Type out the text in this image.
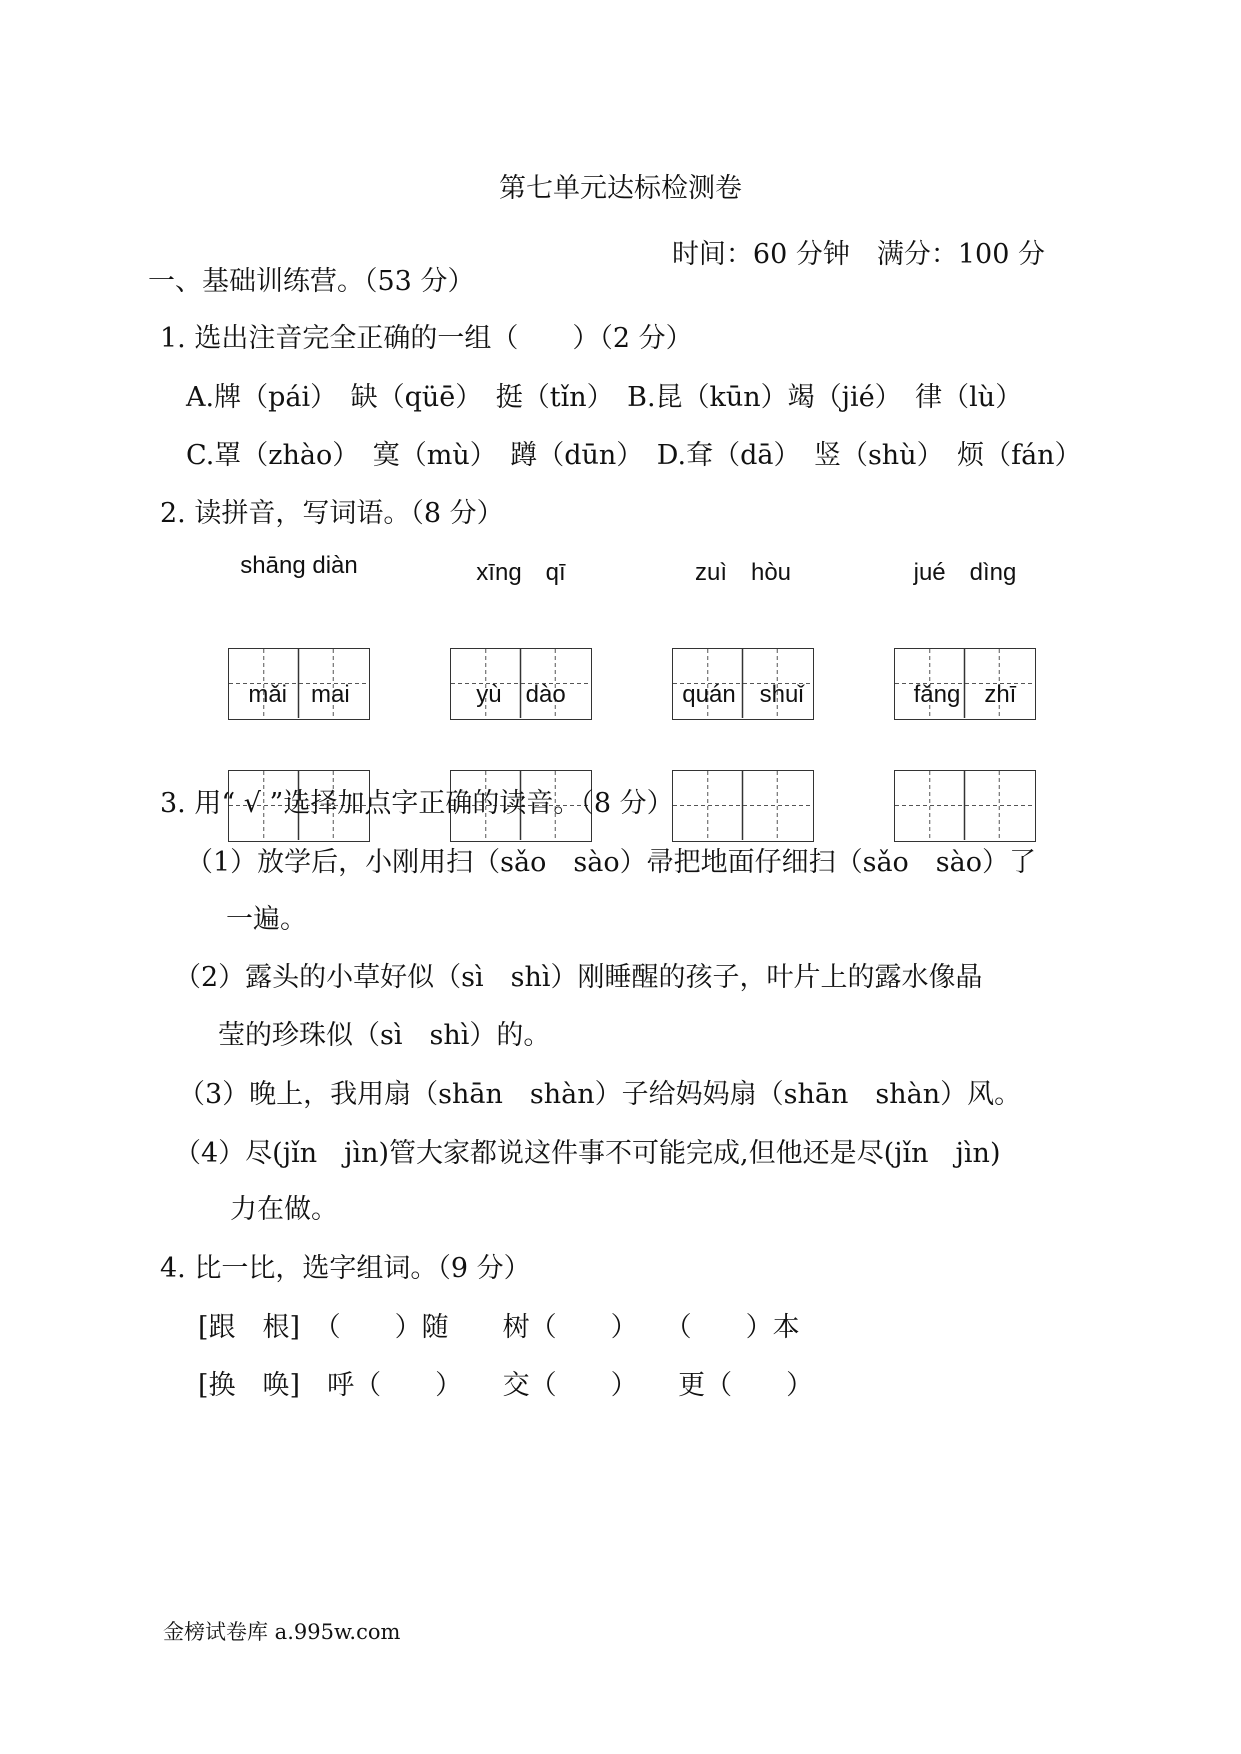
第七单元达标检测卷
时间：60 分钟　满分：100 分
一、基础训练营。（53 分）
1. 选出注音完全正确的一组（　　）（2 分）
A.牌（pái）　缺（qüē）　挺（tǐn）　B.昆（kūn）竭（jié）　律（lù）
C.罩（zhào）　寞（mù）　蹲（dūn）　D.耷（dā）　竖（shù）　烦（fán）
2. 读拼音，写词语。（8 分）
shāng diàn	xīng　qī	zuì　hòu	jué　dìng
mǎi　mai	yù　dào	quán　shuǐ	fǎng　zhī
3. 用“ √ ”选择加点字正确的读音。（8 分）
（1）放学后，小刚用扫（sǎo　sào）帚把地面仔细扫（sǎo　sào）了
一遍。
（2）露头的小草好似（sì　shì）刚睡醒的孩子，叶片上的露水像晶
莹的珍珠似（sì　shì）的。
（3）晚上，我用扇（shān　shàn）子给妈妈扇（shān　shàn）风。
（4）尽(jǐn　jìn)管大家都说这件事不可能完成,但他还是尽(jǐn　jìn)
力在做。
4. 比一比，选字组词。（9 分）
[跟　根]　（　　）随　　树（　　）　　（　　）本
[换　唤]　呼（　　）　　交（　　）　　更（　　）
金榜试卷库 a.995w.com
